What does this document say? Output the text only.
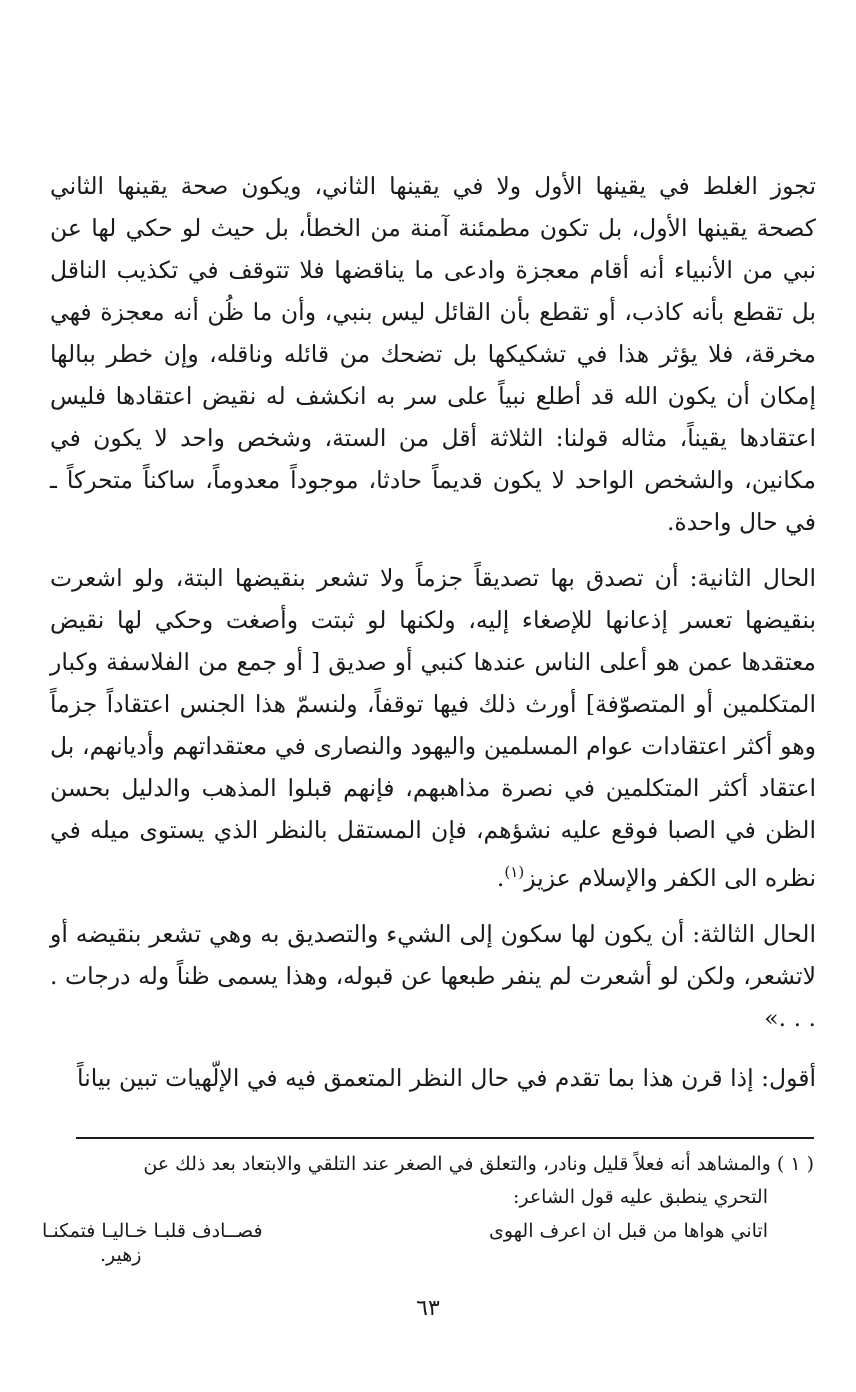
تجوز الغلط في يقينها الأول ولا في يقينها الثاني، ويكون صحة يقينها الثاني كصحة يقينها الأول، بل تكون مطمئنة آمنة من الخطأ، بل حيث لو حكي لها عن نبي من الأنبياء أنه أقام معجزة وادعى ما يناقضها فلا تتوقف في تكذيب الناقل بل تقطع بأنه كاذب، أو تقطع بأن القائل ليس بنبي، وأن ما ظُن أنه معجزة فهي مخرقة، فلا يؤثر هذا في تشكيكها بل تضحك من قائله وناقله، وإن خطر ببالها إمكان أن يكون الله قد أطلع نبياً على سر به انكشف له نقيض اعتقادها فليس اعتقادها يقيناً، مثاله قولنا: الثلاثة أقل من الستة، وشخص واحد لا يكون في مكانين، والشخص الواحد لا يكون قديماً حادثا، موجوداً معدوماً، ساكناً متحركاً ـ في حال واحدة.

الحال الثانية: أن تصدق بها تصديقاً جزماً ولا تشعر بنقيضها البتة، ولو اشعرت بنقيضها تعسر إذعانها للإصغاء إليه، ولكنها لو ثبتت وأصغت وحكي لها نقيض معتقدها عمن هو أعلى الناس عندها كنبي أو صديق [ أو جمع من الفلاسفة وكبار المتكلمين أو المتصوّفة] أورث ذلك فيها توقفاً، ولنسمّ هذا الجنس اعتقاداً جزماً وهو أكثر اعتقادات عوام المسلمين واليهود والنصارى في معتقداتهم وأديانهم، بل اعتقاد أكثر المتكلمين في نصرة مذاهبهم، فإنهم قبلوا المذهب والدليل بحسن الظن في الصبا فوقع عليه نشؤهم، فإن المستقل بالنظر الذي يستوى ميله في نظره الى الكفر والإسلام عزيز$^{(١)}$.

الحال الثالثة: أن يكون لها سكون إلى الشيء والتصديق به وهي تشعر بنقيضه أو لاتشعر، ولكن لو أشعرت لم ينفر طبعها عن قبوله، وهذا يسمى ظناً وله درجات . . . .»

أقول: إذا قرن هذا بما تقدم في حال النظر المتعمق فيه في الإلّهيات تبين بياناً

( ١ ) والمشاهد أنه فعلاً قليل ونادر، والتعلق في الصغر عند التلقي والابتعاد بعد ذلك عن

التحري ينطبق عليه قول الشاعر:

اتاني هواها من قبل ان اعرف الهوى
فصــادف قلبـا خـاليـا فتمكنـا

زهير.

٦٣
